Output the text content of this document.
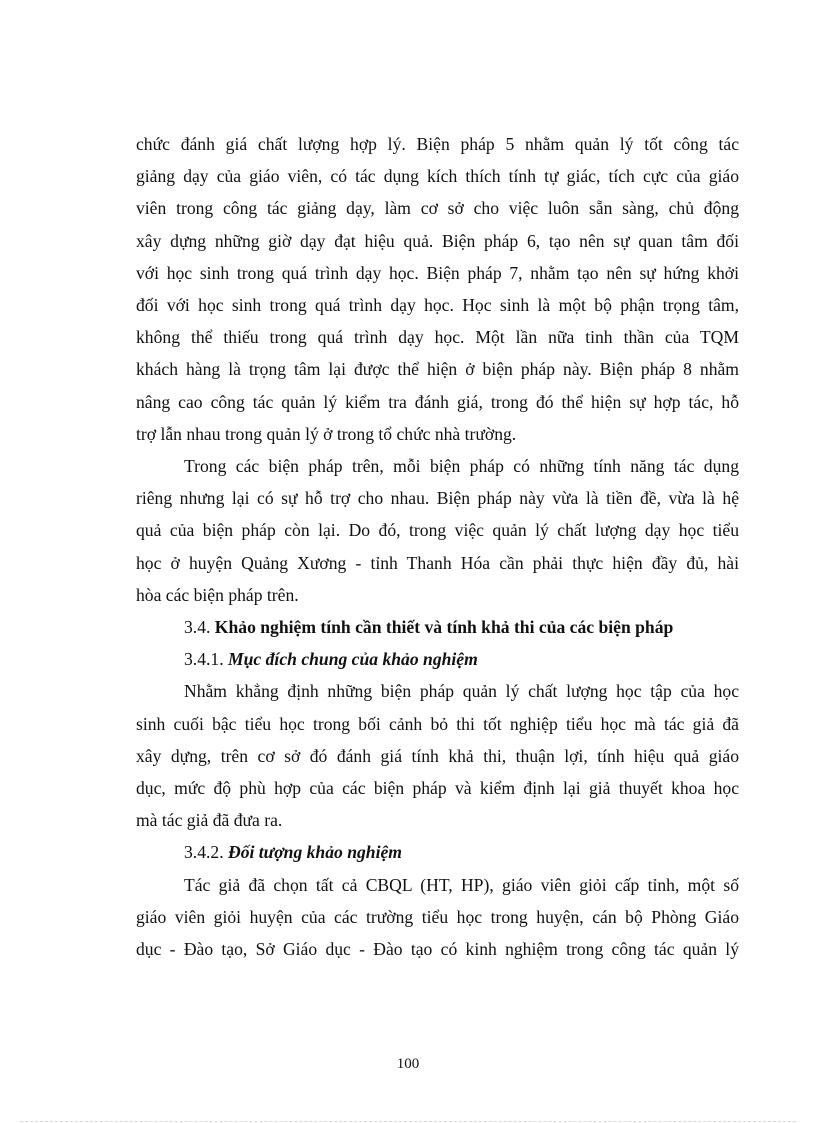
chức đánh giá chất lượng hợp lý. Biện pháp 5 nhằm quản lý tốt công tác
giảng dạy của giáo viên, có tác dụng kích thích tính tự giác, tích cực của giáo
viên trong công tác giảng dạy, làm cơ sở cho việc luôn sẵn sàng, chủ động
xây dựng những giờ dạy đạt hiệu quả. Biện pháp 6, tạo nên sự quan tâm đối
với học sinh trong quá trình dạy học. Biện pháp 7, nhằm tạo nên sự hứng khởi
đối với học sinh trong quá trình dạy học. Học sinh là một bộ phận trọng tâm,
không thể thiếu trong quá trình dạy học. Một lần nữa tinh thần của TQM
khách hàng là trọng tâm lại được thể hiện ở biện pháp này. Biện pháp 8 nhằm
nâng cao công tác quản lý kiểm tra đánh giá, trong đó thể hiện sự hợp tác, hỗ
trợ lẫn nhau trong quản lý ở trong tổ chức nhà trường.
Trong các biện pháp trên, mỗi biện pháp có những tính năng tác dụng
riêng nhưng lại có sự hỗ trợ cho nhau. Biện pháp này vừa là tiền đề, vừa là hệ
quả của biện pháp còn lại. Do đó, trong việc quản lý chất lượng dạy học tiểu
học ở huyện Quảng Xương - tỉnh Thanh Hóa cần phải thực hiện đầy đủ, hài
hòa các biện pháp trên.
3.4. Khảo nghiệm tính cần thiết và tính khả thi của các biện pháp
3.4.1. Mục đích chung của khảo nghiệm
Nhằm khẳng định những biện pháp quản lý chất lượng học tập của học
sinh cuối bậc tiểu học trong bối cảnh bỏ thi tốt nghiệp tiểu học mà tác giả đã
xây dựng, trên cơ sở đó đánh giá tính khả thi, thuận lợi, tính hiệu quả giáo
dục, mức độ phù hợp của các biện pháp và kiểm định lại giả thuyết khoa học
mà tác giả đã đưa ra.
3.4.2. Đối tượng khảo nghiệm
Tác giả đã chọn tất cả CBQL (HT, HP), giáo viên giỏi cấp tỉnh, một số
giáo viên giỏi huyện của các trường tiểu học trong huyện, cán bộ Phòng Giáo
dục - Đào tạo, Sở Giáo dục - Đào tạo có kinh nghiệm trong công tác quản lý
100
